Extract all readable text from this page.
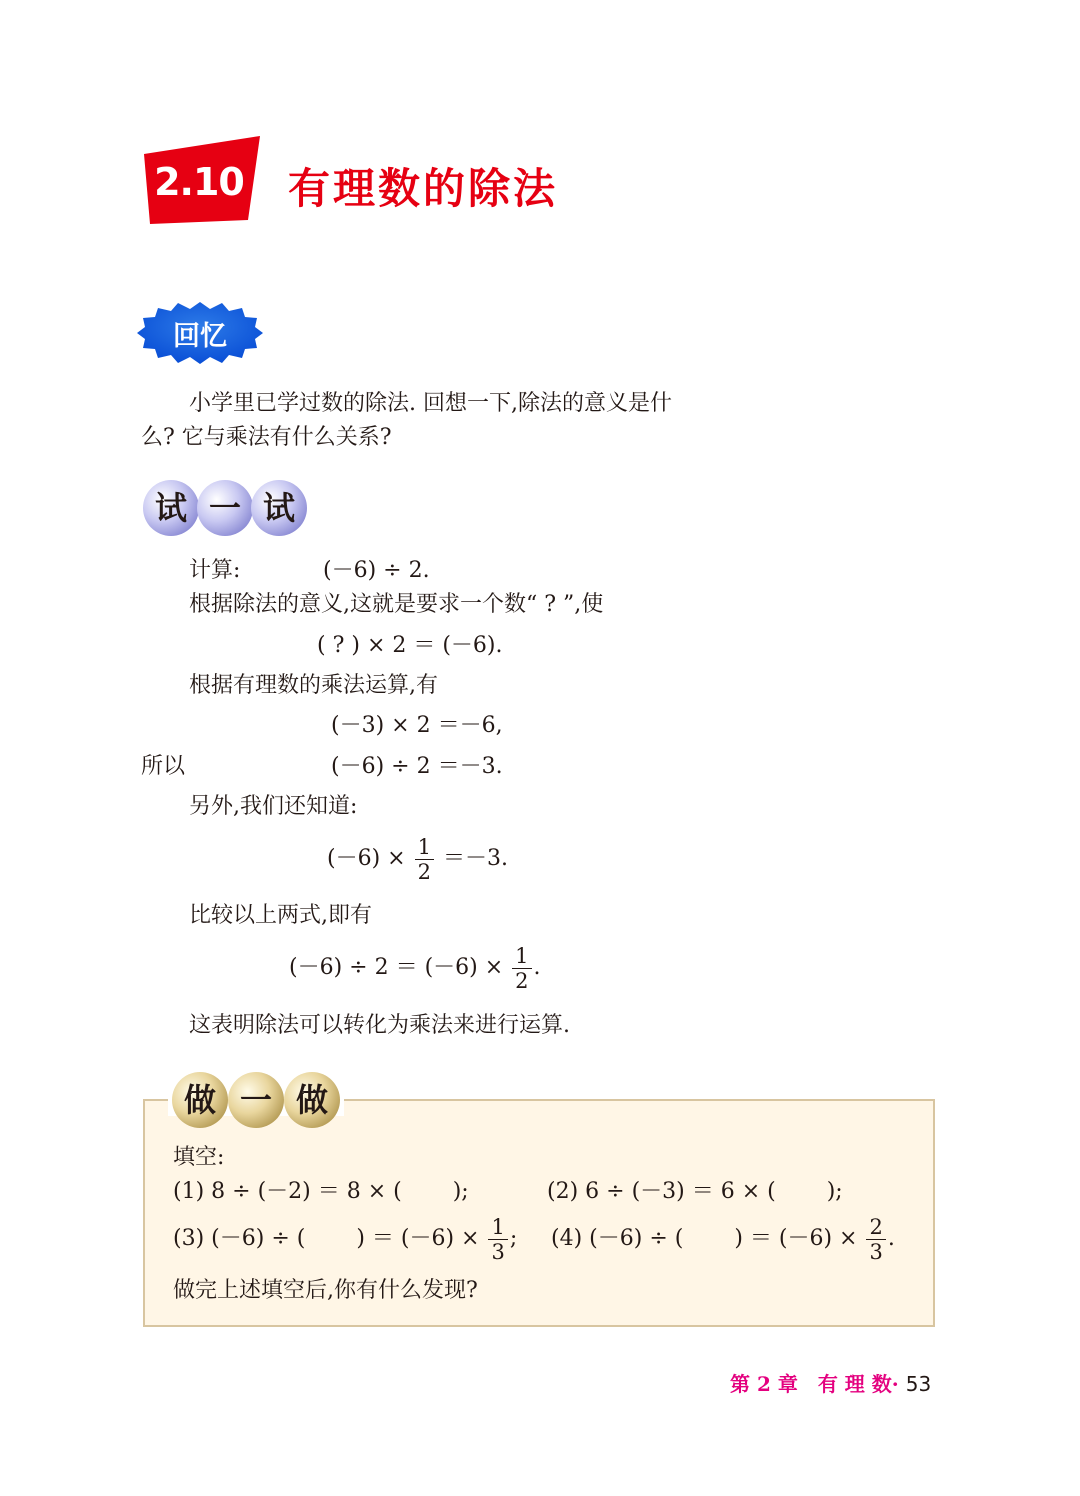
2.10 有理数的除法
回忆
小学里已学过数的除法. 回想一下,除法的意义是什
么? 它与乘法有什么关系?
试 一 试
计算:	(－6) ÷ 2.
根据除法的意义,这就是要求一个数“ ? ”,使
( ? ) × 2 ＝ (－6).
根据有理数的乘法运算,有
(－3) × 2 ＝－6,
所以	(－6) ÷ 2 ＝－3.
另外,我们还知道:
$(-6) \times \frac{1}{2} =-3$.
比较以上两式,即有
$(-6) \div 2 = (-6) \times \frac{1}{2}$ .
这表明除法可以转化为乘法来进行运算.
做 一 做
填空:
(1) 8 ÷ (－2) ＝ 8 × (　　 );	(2) 6 ÷ (－3) ＝ 6 × (　　 );
(3) (－6) ÷ (　　 ) ＝ $(-6) \times \frac{1}{3}$ ; (4) (－6) ÷ (　　 ) ＝ $(-6) \times \frac{2}{3}$ .
做完上述填空后,你有什么发现?
第 2 章　有 理 数· 53
